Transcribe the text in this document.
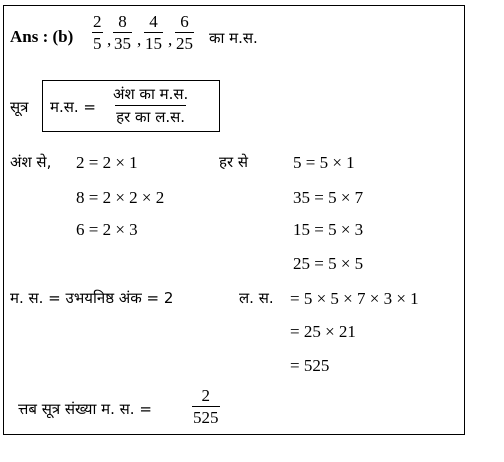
Ans : $(b) \frac{2}{5}$ , $\frac{8}{35}$ , $\frac{4}{15}$ , $\frac{6}{25}$ का म.स.
सूत्र म.स. =
अंश का म.स.
हर का ल.स.
अंश से, 2 = 2 × 1
8 = 2 × 2 × 2
6 = 2 × 3
हर से	5 = 5 × 1
35 = 5 × 7
15 = 5 × 3
25 = 5 × 5
म. स. = उभयनिष्ठ अंक = 2	ल. स. = 5 × 5 × 7 × 3 × 1
= 25 × 21
= 525
त्तब सूत्र संख्या म. स. = $\frac{2}{525}$
